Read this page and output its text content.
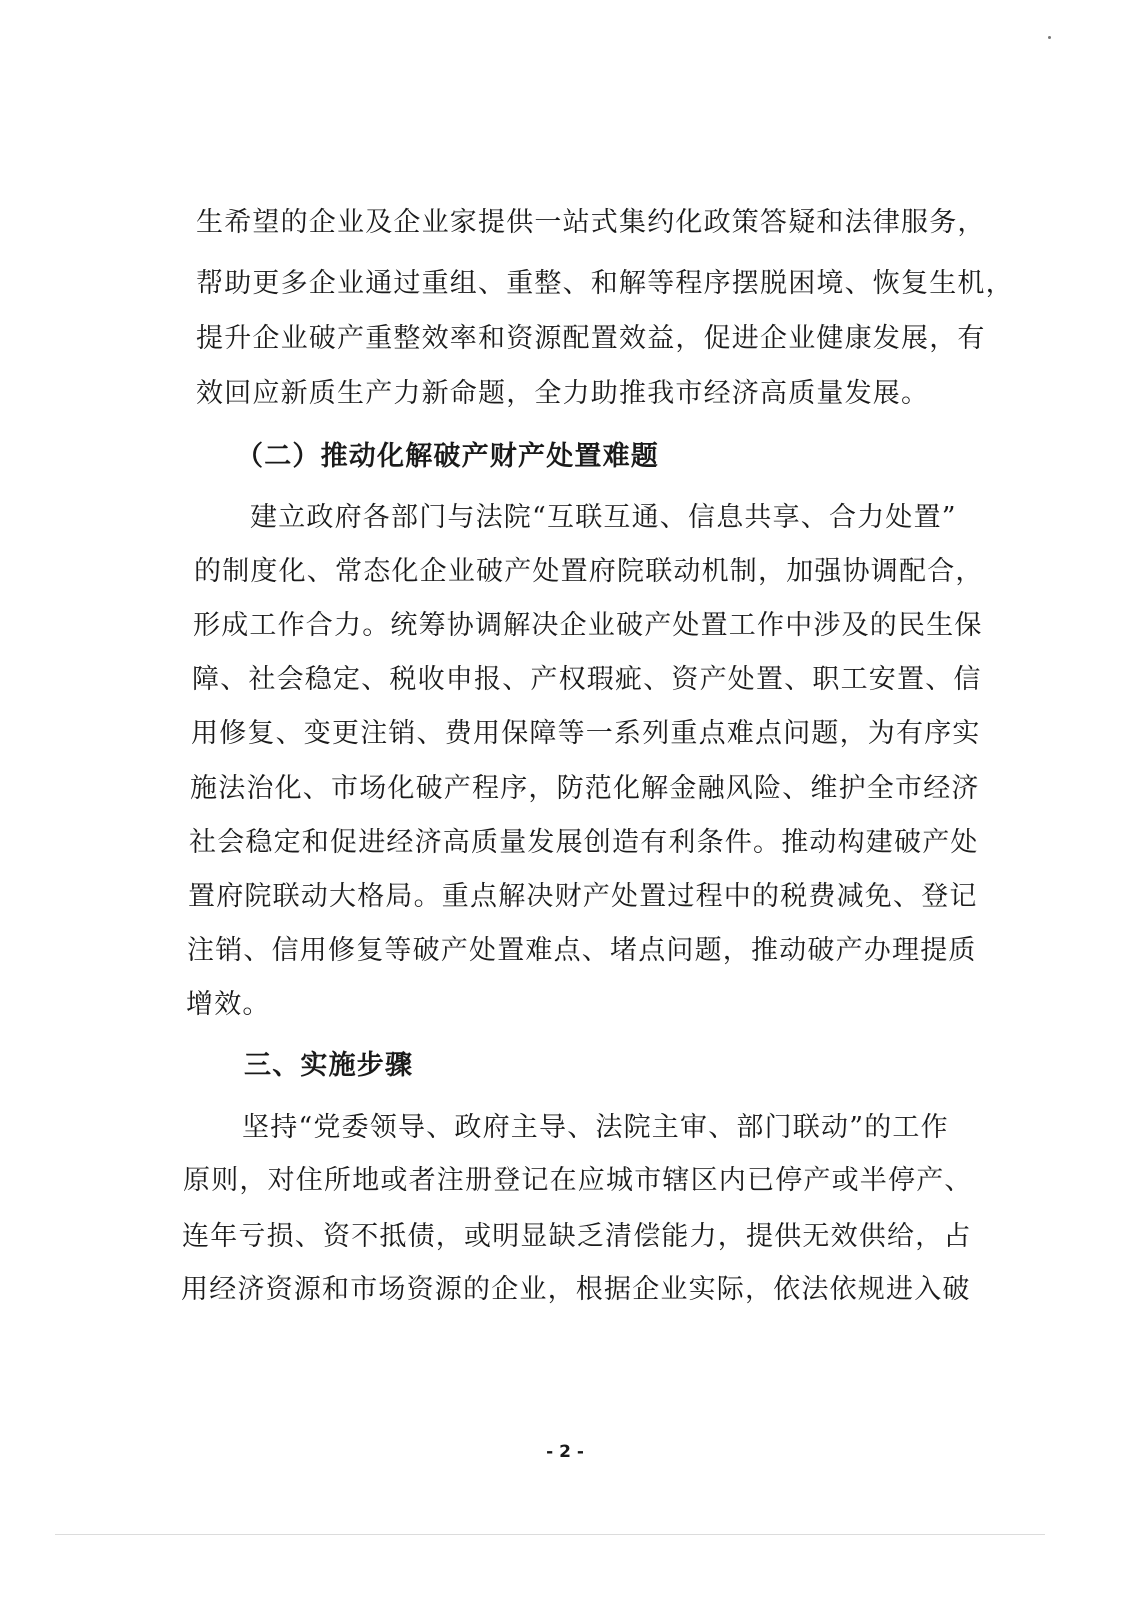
生希望的企业及企业家提供一站式集约化政策答疑和法律服务，
帮助更多企业通过重组、重整、和解等程序摆脱困境、恢复生机，
提升企业破产重整效率和资源配置效益，促进企业健康发展，有
效回应新质生产力新命题，全力助推我市经济高质量发展。
（二）推动化解破产财产处置难题
建立政府各部门与法院“互联互通、信息共享、合力处置”
的制度化、常态化企业破产处置府院联动机制，加强协调配合，
形成工作合力。统筹协调解决企业破产处置工作中涉及的民生保
障、社会稳定、税收申报、产权瑕疵、资产处置、职工安置、信
用修复、变更注销、费用保障等一系列重点难点问题，为有序实
施法治化、市场化破产程序，防范化解金融风险、维护全市经济
社会稳定和促进经济高质量发展创造有利条件。推动构建破产处
置府院联动大格局。重点解决财产处置过程中的税费减免、登记
注销、信用修复等破产处置难点、堵点问题，推动破产办理提质
增效。
三、实施步骤
坚持“党委领导、政府主导、法院主审、部门联动”的工作
原则，对住所地或者注册登记在应城市辖区内已停产或半停产、
连年亏损、资不抵债，或明显缺乏清偿能力，提供无效供给，占
用经济资源和市场资源的企业，根据企业实际，依法依规进入破
- 2 -
